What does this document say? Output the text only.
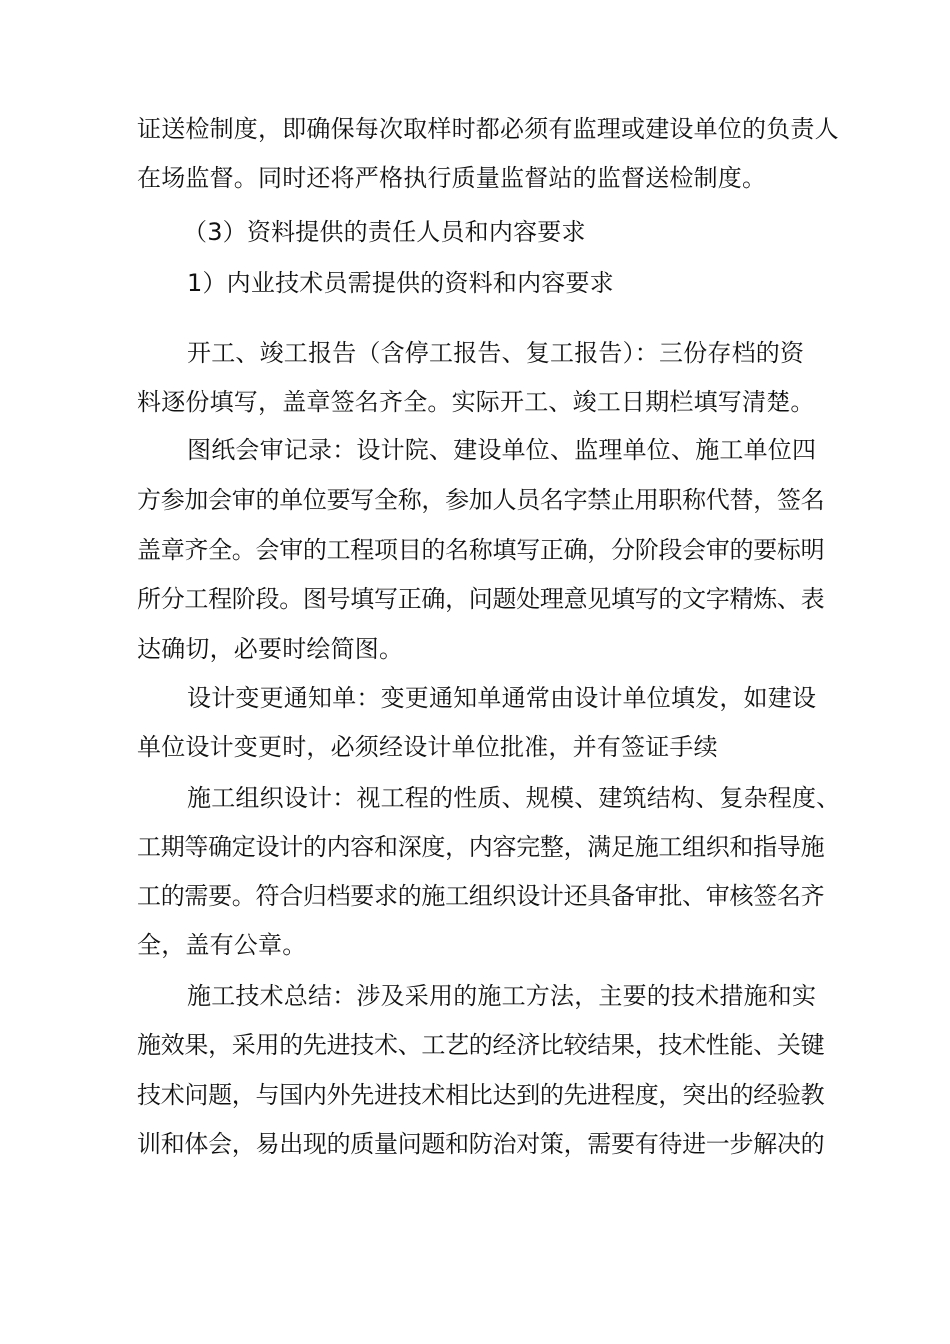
证送检制度，即确保每次取样时都必须有监理或建设单位的负责人
在场监督。同时还将严格执行质量监督站的监督送检制度。
（3）资料提供的责任人员和内容要求
1）内业技术员需提供的资料和内容要求
开工、竣工报告（含停工报告、复工报告）：三份存档的资
料逐份填写，盖章签名齐全。实际开工、竣工日期栏填写清楚。
图纸会审记录：设计院、建设单位、监理单位、施工单位四
方参加会审的单位要写全称，参加人员名字禁止用职称代替，签名
盖章齐全。会审的工程项目的名称填写正确，分阶段会审的要标明
所分工程阶段。图号填写正确，问题处理意见填写的文字精炼、表
达确切，必要时绘简图。
设计变更通知单：变更通知单通常由设计单位填发，如建设
单位设计变更时，必须经设计单位批准，并有签证手续
施工组织设计：视工程的性质、规模、建筑结构、复杂程度、
工期等确定设计的内容和深度，内容完整，满足施工组织和指导施
工的需要。符合归档要求的施工组织设计还具备审批、审核签名齐
全，盖有公章。
施工技术总结：涉及采用的施工方法，主要的技术措施和实
施效果，采用的先进技术、工艺的经济比较结果，技术性能、关键
技术问题，与国内外先进技术相比达到的先进程度，突出的经验教
训和体会，易出现的质量问题和防治对策，需要有待进一步解决的
